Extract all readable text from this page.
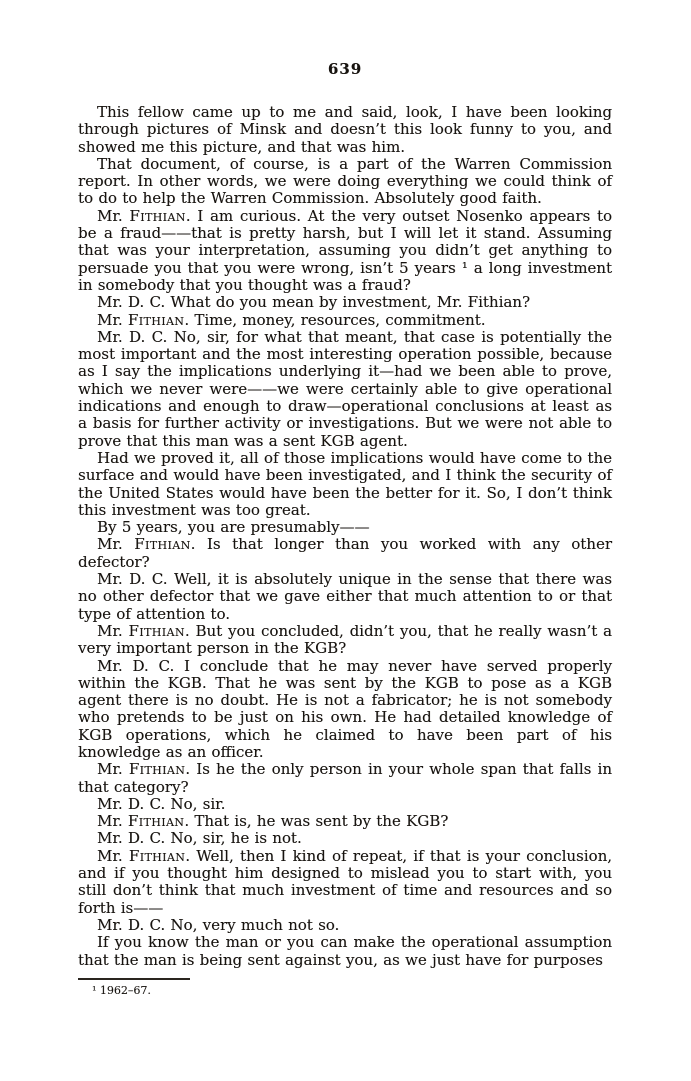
639

This fellow came up to me and said, look, I have been looking through pictures of Minsk and doesn’t this look funny to you, and showed me this picture, and that was him.

That document, of course, is a part of the Warren Commission report. In other words, we were doing everything we could think of to do to help the Warren Commission. Absolutely good faith.

Mr. Fithian. I am curious. At the very outset Nosenko appears to be a fraud——that is pretty harsh, but I will let it stand. Assuming that was your interpretation, assuming you didn’t get anything to persuade you that you were wrong, isn’t 5 years ¹ a long investment in somebody that you thought was a fraud?

Mr. D. C. What do you mean by investment, Mr. Fithian?

Mr. Fithian. Time, money, resources, commitment.

Mr. D. C. No, sir, for what that meant, that case is potentially the most important and the most interesting operation possible, because as I say the implications underlying it—had we been able to prove, which we never were——we were certainly able to give operational indications and enough to draw—operational conclusions at least as a basis for further activity or investigations. But we were not able to prove that this man was a sent KGB agent.

Had we proved it, all of those implications would have come to the surface and would have been investigated, and I think the security of the United States would have been the better for it. So, I don’t think this investment was too great.

By 5 years, you are presumably——

Mr. Fithian. Is that longer than you worked with any other defector?

Mr. D. C. Well, it is absolutely unique in the sense that there was no other defector that we gave either that much attention to or that type of attention to.

Mr. Fithian. But you concluded, didn’t you, that he really wasn’t a very important person in the KGB?

Mr. D. C. I conclude that he may never have served properly within the KGB. That he was sent by the KGB to pose as a KGB agent there is no doubt. He is not a fabricator; he is not somebody who pretends to be just on his own. He had detailed knowledge of KGB operations, which he claimed to have been part of his knowledge as an officer.

Mr. Fithian. Is he the only person in your whole span that falls in that category?

Mr. D. C. No, sir.

Mr. Fithian. That is, he was sent by the KGB?

Mr. D. C. No, sir, he is not.

Mr. Fithian. Well, then I kind of repeat, if that is your conclusion, and if you thought him designed to mislead you to start with, you still don’t think that much investment of time and resources and so forth is——

Mr. D. C. No, very much not so.

If you know the man or you can make the operational assumption that the man is being sent against you, as we just have for purposes

¹ 1962–67.
